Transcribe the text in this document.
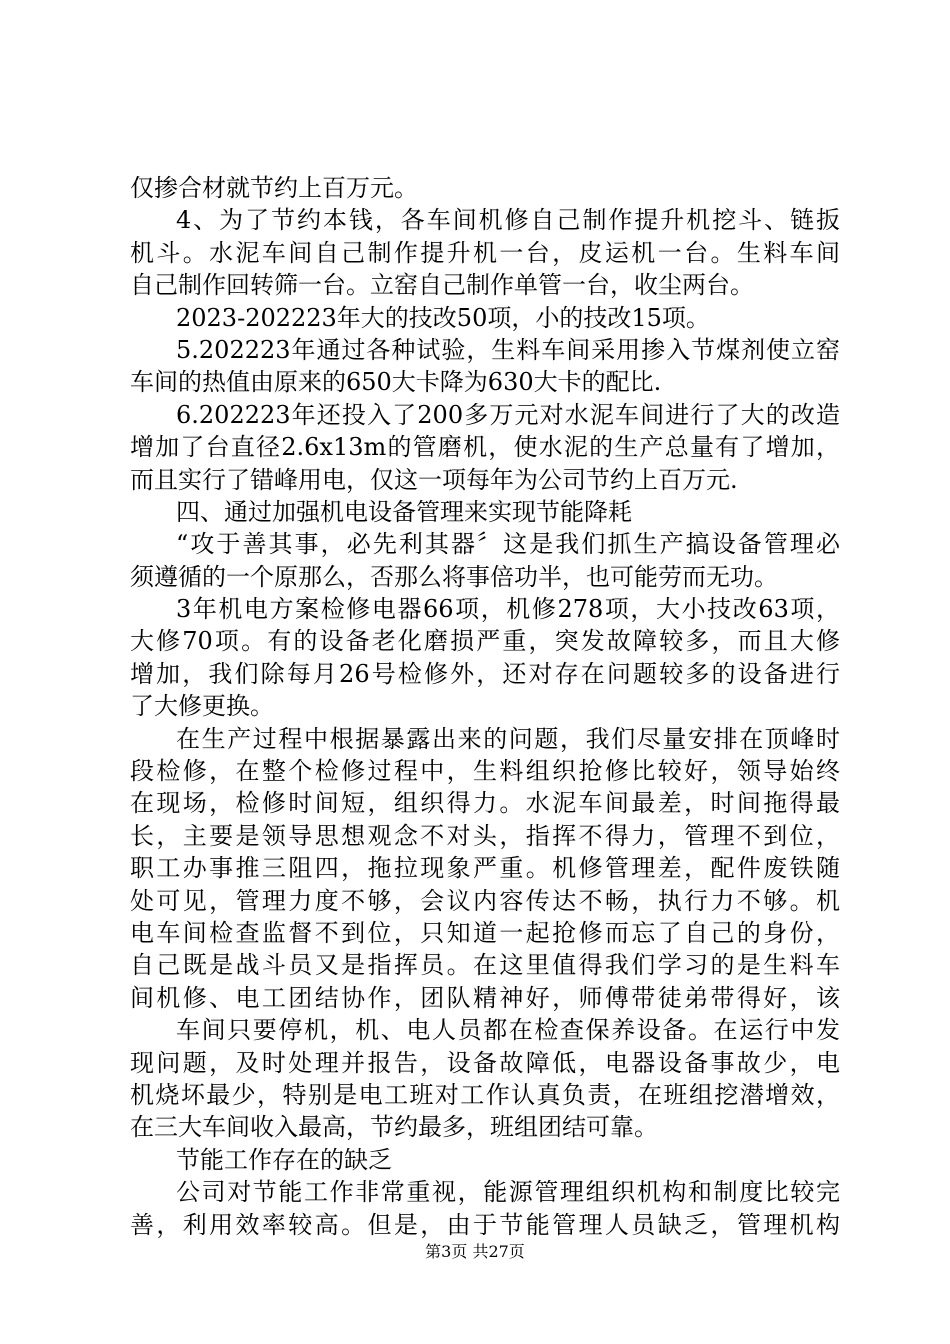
仅掺合材就节约上百万元。
4、为了节约本钱，各车间机修自己制作提升机挖斗、链扳
机斗。水泥车间自己制作提升机一台，皮运机一台。生料车间
自己制作回转筛一台。立窑自己制作单管一台，收尘两台。
2023-202223年大的技改50项，小的技改15项。
5.202223年通过各种试验，生料车间采用掺入节煤剂使立窑
车间的热值由原来的650大卡降为630大卡的配比.
6.202223年还投入了200多万元对水泥车间进行了大的改造
增加了台直径2.6x13m的管磨机，使水泥的生产总量有了增加，
而且实行了错峰用电，仅这一项每年为公司节约上百万元.
四、通过加强机电设备管理来实现节能降耗
“攻于善其事，必先利其器〞这是我们抓生产搞设备管理必
须遵循的一个原那么，否那么将事倍功半，也可能劳而无功。
3年机电方案检修电器66项，机修278项，大小技改63项，
大修70项。有的设备老化磨损严重，突发故障较多，而且大修
增加，我们除每月26号检修外，还对存在问题较多的设备进行
了大修更换。
在生产过程中根据暴露出来的问题，我们尽量安排在顶峰时
段检修，在整个检修过程中，生料组织抢修比较好，领导始终
在现场，检修时间短，组织得力。水泥车间最差，时间拖得最
长，主要是领导思想观念不对头，指挥不得力，管理不到位，
职工办事推三阻四，拖拉现象严重。机修管理差，配件废铁随
处可见，管理力度不够，会议内容传达不畅，执行力不够。机
电车间检查监督不到位，只知道一起抢修而忘了自己的身份，
自己既是战斗员又是指挥员。在这里值得我们学习的是生料车
间机修、电工团结协作，团队精神好，师傅带徒弟带得好，该
车间只要停机，机、电人员都在检查保养设备。在运行中发
现问题，及时处理并报告，设备故障低，电器设备事故少，电
机烧坏最少，特别是电工班对工作认真负责，在班组挖潜增效，
在三大车间收入最高，节约最多，班组团结可靠。
节能工作存在的缺乏
公司对节能工作非常重视，能源管理组织机构和制度比较完
善，利用效率较高。但是，由于节能管理人员缺乏，管理机构
第3页 共27页
